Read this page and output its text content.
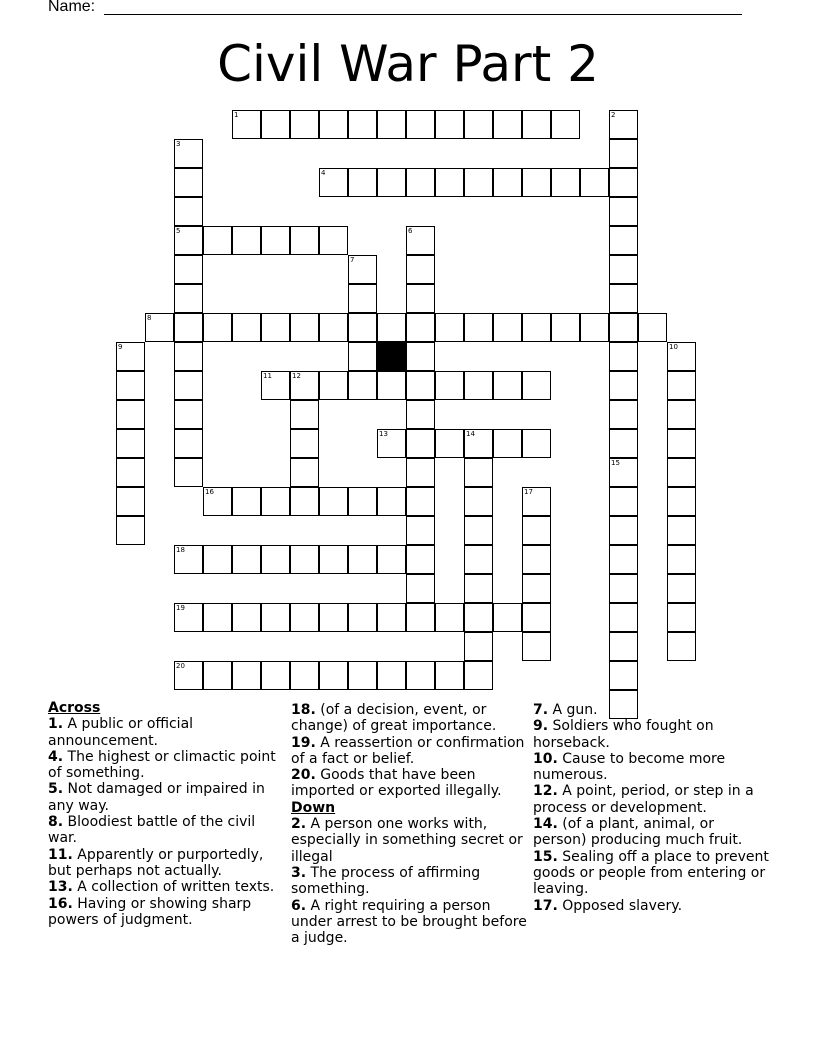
Name:
Civil War Part 2
1	2
15
3
5
4
6
7
8
9	10
11	12
13	14
16	17
18
19
20
Across
1. A public or official announcement.
4. The highest or climactic point of something.
5. Not damaged or impaired in any way.
8. Bloodiest battle of the civil war.
11. Apparently or purportedly, but perhaps not actually.
13. A collection of written texts.
16. Having or showing sharp powers of judgment.
18. (of a decision, event, or change) of great importance.
19. A reassertion or confirmation of a fact or belief.
20. Goods that have been imported or exported illegally.
Down
2. A person one works with, especially in something secret or illegal
3. The process of affirming something.
6. A right requiring a person under arrest to be brought before a judge.
7. A gun.
9. Soldiers who fought on horseback.
10. Cause to become more numerous.
12. A point, period, or step in a process or development.
14. (of a plant, animal, or person) producing much fruit.
15. Sealing off a place to prevent goods or people from entering or leaving.
17. Opposed slavery.
